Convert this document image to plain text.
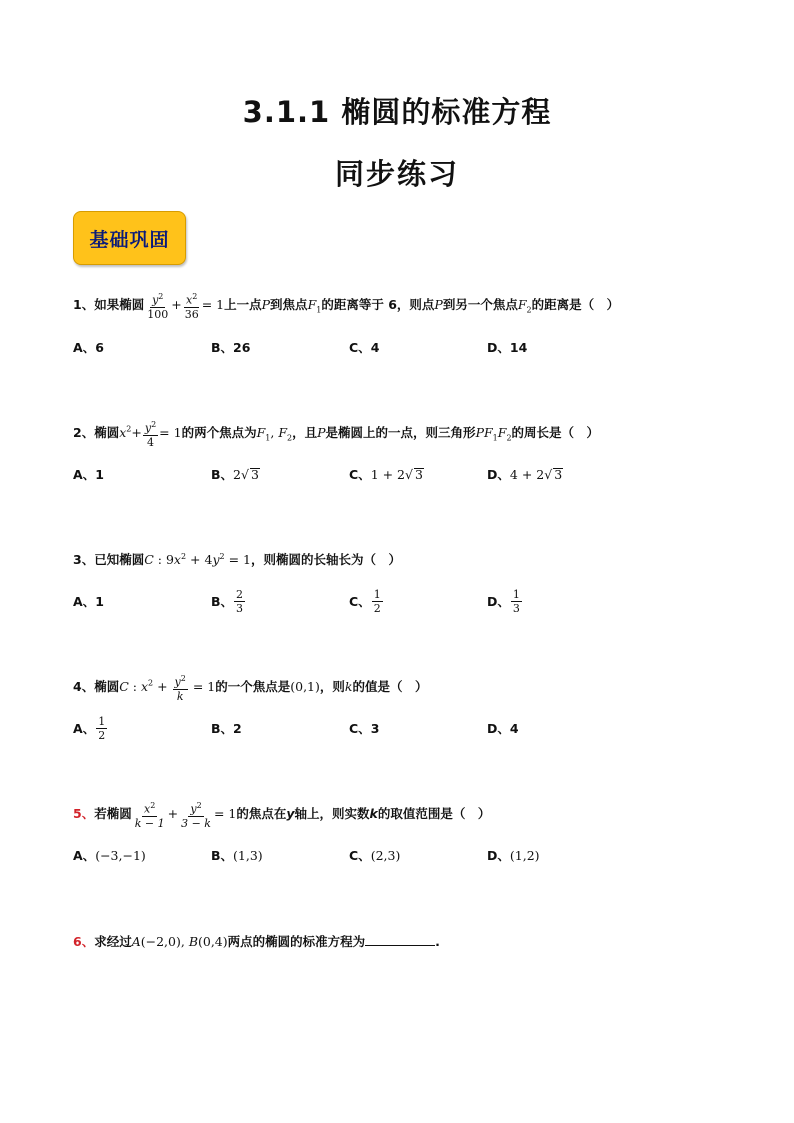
3.1.1 椭圆的标准方程
同步练习
基础巩固
1、如果椭圆 $\frac{y^2}{100} + \frac{x^2}{36} = 1$上一点P到焦点$F_1$的距离等于 6，则点P到另一个焦点$F_2$的距离是（　）
A、 6	B、 26	C、 4	D、 14
2、椭圆$x^2+ \frac{y^2}{4} = 1$的两个焦点为$F_1$, $F_2$，且P是椭圆上的一点，则三角形$PF_1F_2$的周长是（　）
A、 1	B、 2 √ 3	C、 1 + 2 √ 3	D、 4 + 2 √ 3
3、已知椭圆C : $9x^2 + 4y^2 = 1$，则椭圆的长轴长为（　）
A、 1	B、 $\frac{2}{3}$	C、 $\frac{1}{2}$	D、 $\frac{1}{3}$
4、椭圆C : $x^2 + \frac{y^2}{k} = 1$的一个焦点是(0,1)，则k的值是（　）
A、 $\frac{1}{2}$	B、 2	C、 3	D、 4
5、若椭圆 $\frac{x^2}{k - 1} + \frac{y^2}{3 - k} = 1$的焦点在y轴上，则实数k的取值范围是（　）
A、 (−3,−1)	B、 (1,3)	C、 (2,3)	D、 (1,2)
6、求经过A(−2,0), B(0,4)两点的椭圆的标准方程为	.
